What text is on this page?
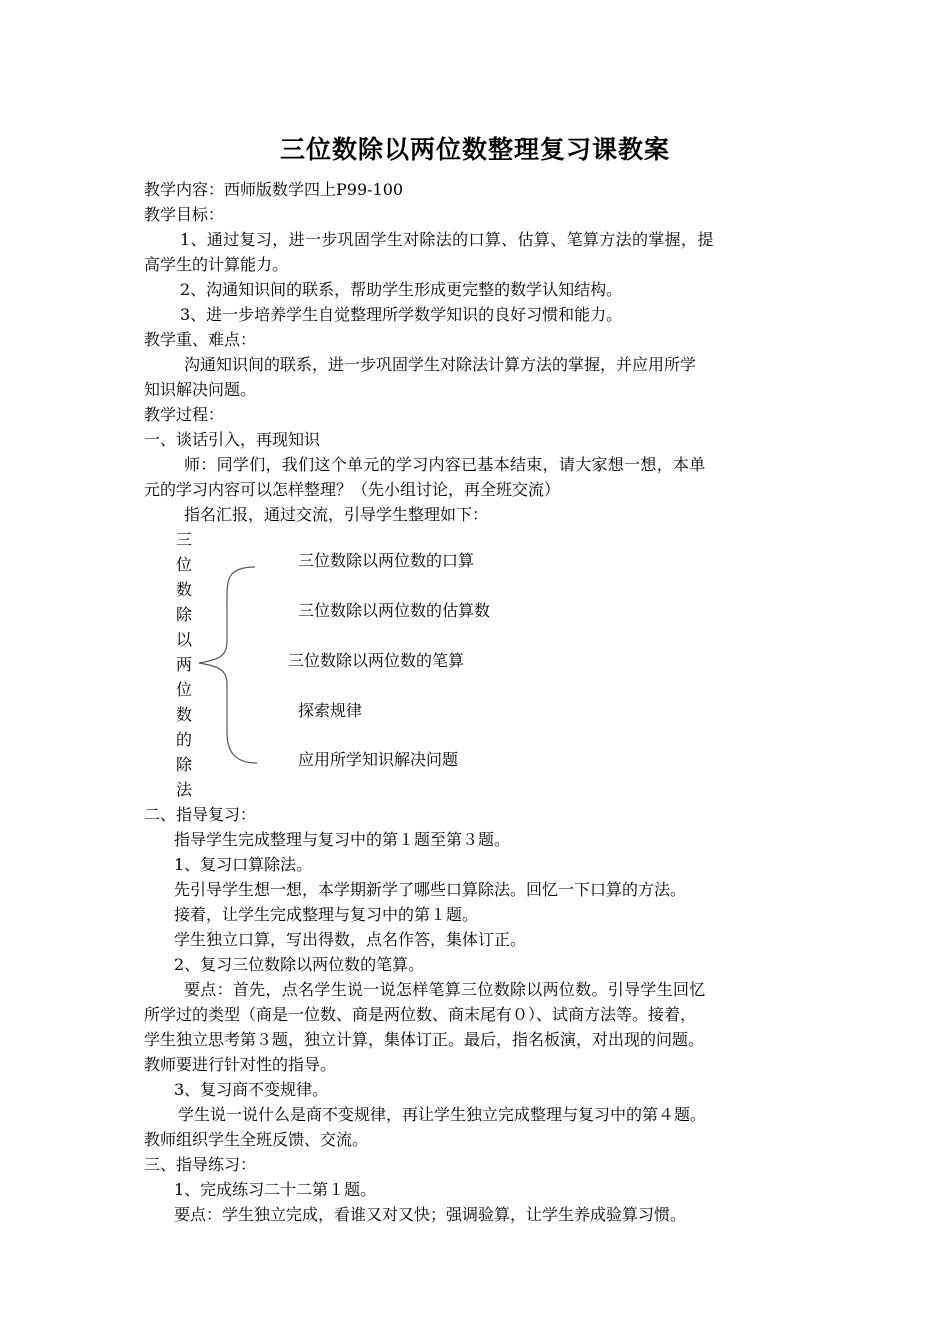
三位数除以两位数整理复习课教案
教学内容：西师版数学四上P99-100
教学目标：
1、通过复习，进一步巩固学生对除法的口算、估算、笔算方法的掌握，提
高学生的计算能力。
2、沟通知识间的联系，帮助学生形成更完整的数学认知结构。
3、进一步培养学生自觉整理所学数学知识的良好习惯和能力。
教学重、难点：
沟通知识间的联系，进一步巩固学生对除法计算方法的掌握，并应用所学
知识解决问题。
教学过程：
一、谈话引入，再现知识
师：同学们，我们这个单元的学习内容已基本结束，请大家想一想，本单
元的学习内容可以怎样整理？（先小组讨论，再全班交流）
指名汇报，通过交流，引导学生整理如下：
三
位
数
除
以
两
位
数
的
除
法
三位数除以两位数的口算
三位数除以两位数的估算数
三位数除以两位数的笔算
探索规律
应用所学知识解决问题
二、指导复习：
指导学生完成整理与复习中的第１题至第３题。
1、复习口算除法。
先引导学生想一想，本学期新学了哪些口算除法。回忆一下口算的方法。
接着，让学生完成整理与复习中的第１题。
学生独立口算，写出得数，点名作答，集体订正。
2、复习三位数除以两位数的笔算。
要点：首先，点名学生说一说怎样笔算三位数除以两位数。引导学生回忆
所学过的类型（商是一位数、商是两位数、商末尾有０）、试商方法等。接着，
学生独立思考第３题，独立计算，集体订正。最后，指名板演，对出现的问题。
教师要进行针对性的指导。
3、复习商不变规律。
学生说一说什么是商不变规律，再让学生独立完成整理与复习中的第４题。
教师组织学生全班反馈、交流。
三、指导练习：
1、完成练习二十二第１题。
要点：学生独立完成，看谁又对又快；强调验算，让学生养成验算习惯。
